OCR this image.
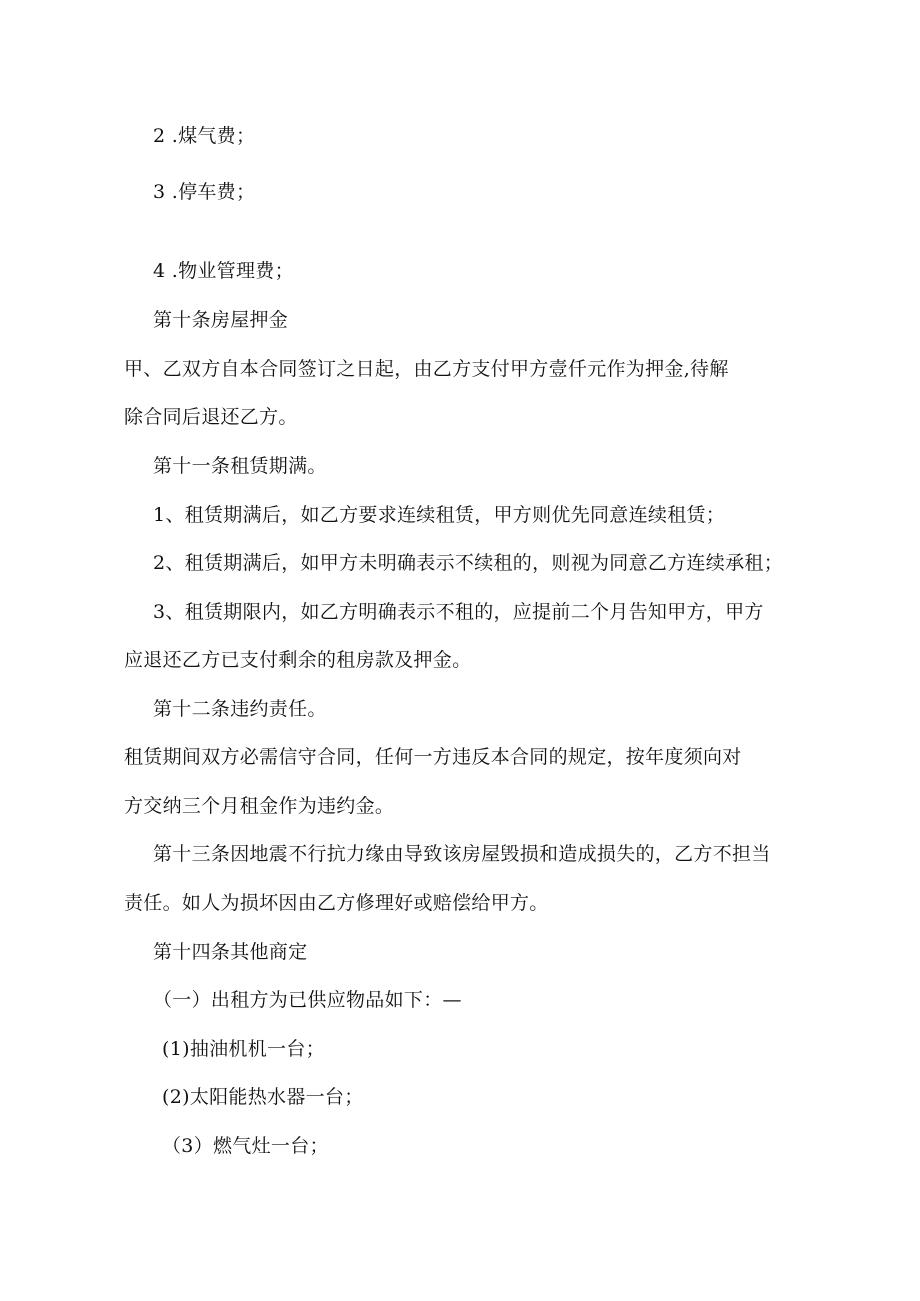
2 .煤气费；
3 .停车费；
4 .物业管理费；
第十条房屋押金
甲、乙双方自本合同签订之日起，由乙方支付甲方壹仟元作为押金,待解
除合同后退还乙方。
第十一条租赁期满。
1、租赁期满后，如乙方要求连续租赁，甲方则优先同意连续租赁；
2、租赁期满后，如甲方未明确表示不续租的，则视为同意乙方连续承租；
3、租赁期限内，如乙方明确表示不租的，应提前二个月告知甲方，甲方
应退还乙方已支付剩余的租房款及押金。
第十二条违约责任。
租赁期间双方必需信守合同，任何一方违反本合同的规定，按年度须向对
方交纳三个月租金作为违约金。
第十三条因地震不行抗力缘由导致该房屋毁损和造成损失的，乙方不担当
责任。如人为损坏因由乙方修理好或赔偿给甲方。
第十四条其他商定
（一）出租方为已供应物品如下：—
(1)抽油机机一台；
(2)太阳能热水器一台；
（3）燃气灶一台；
